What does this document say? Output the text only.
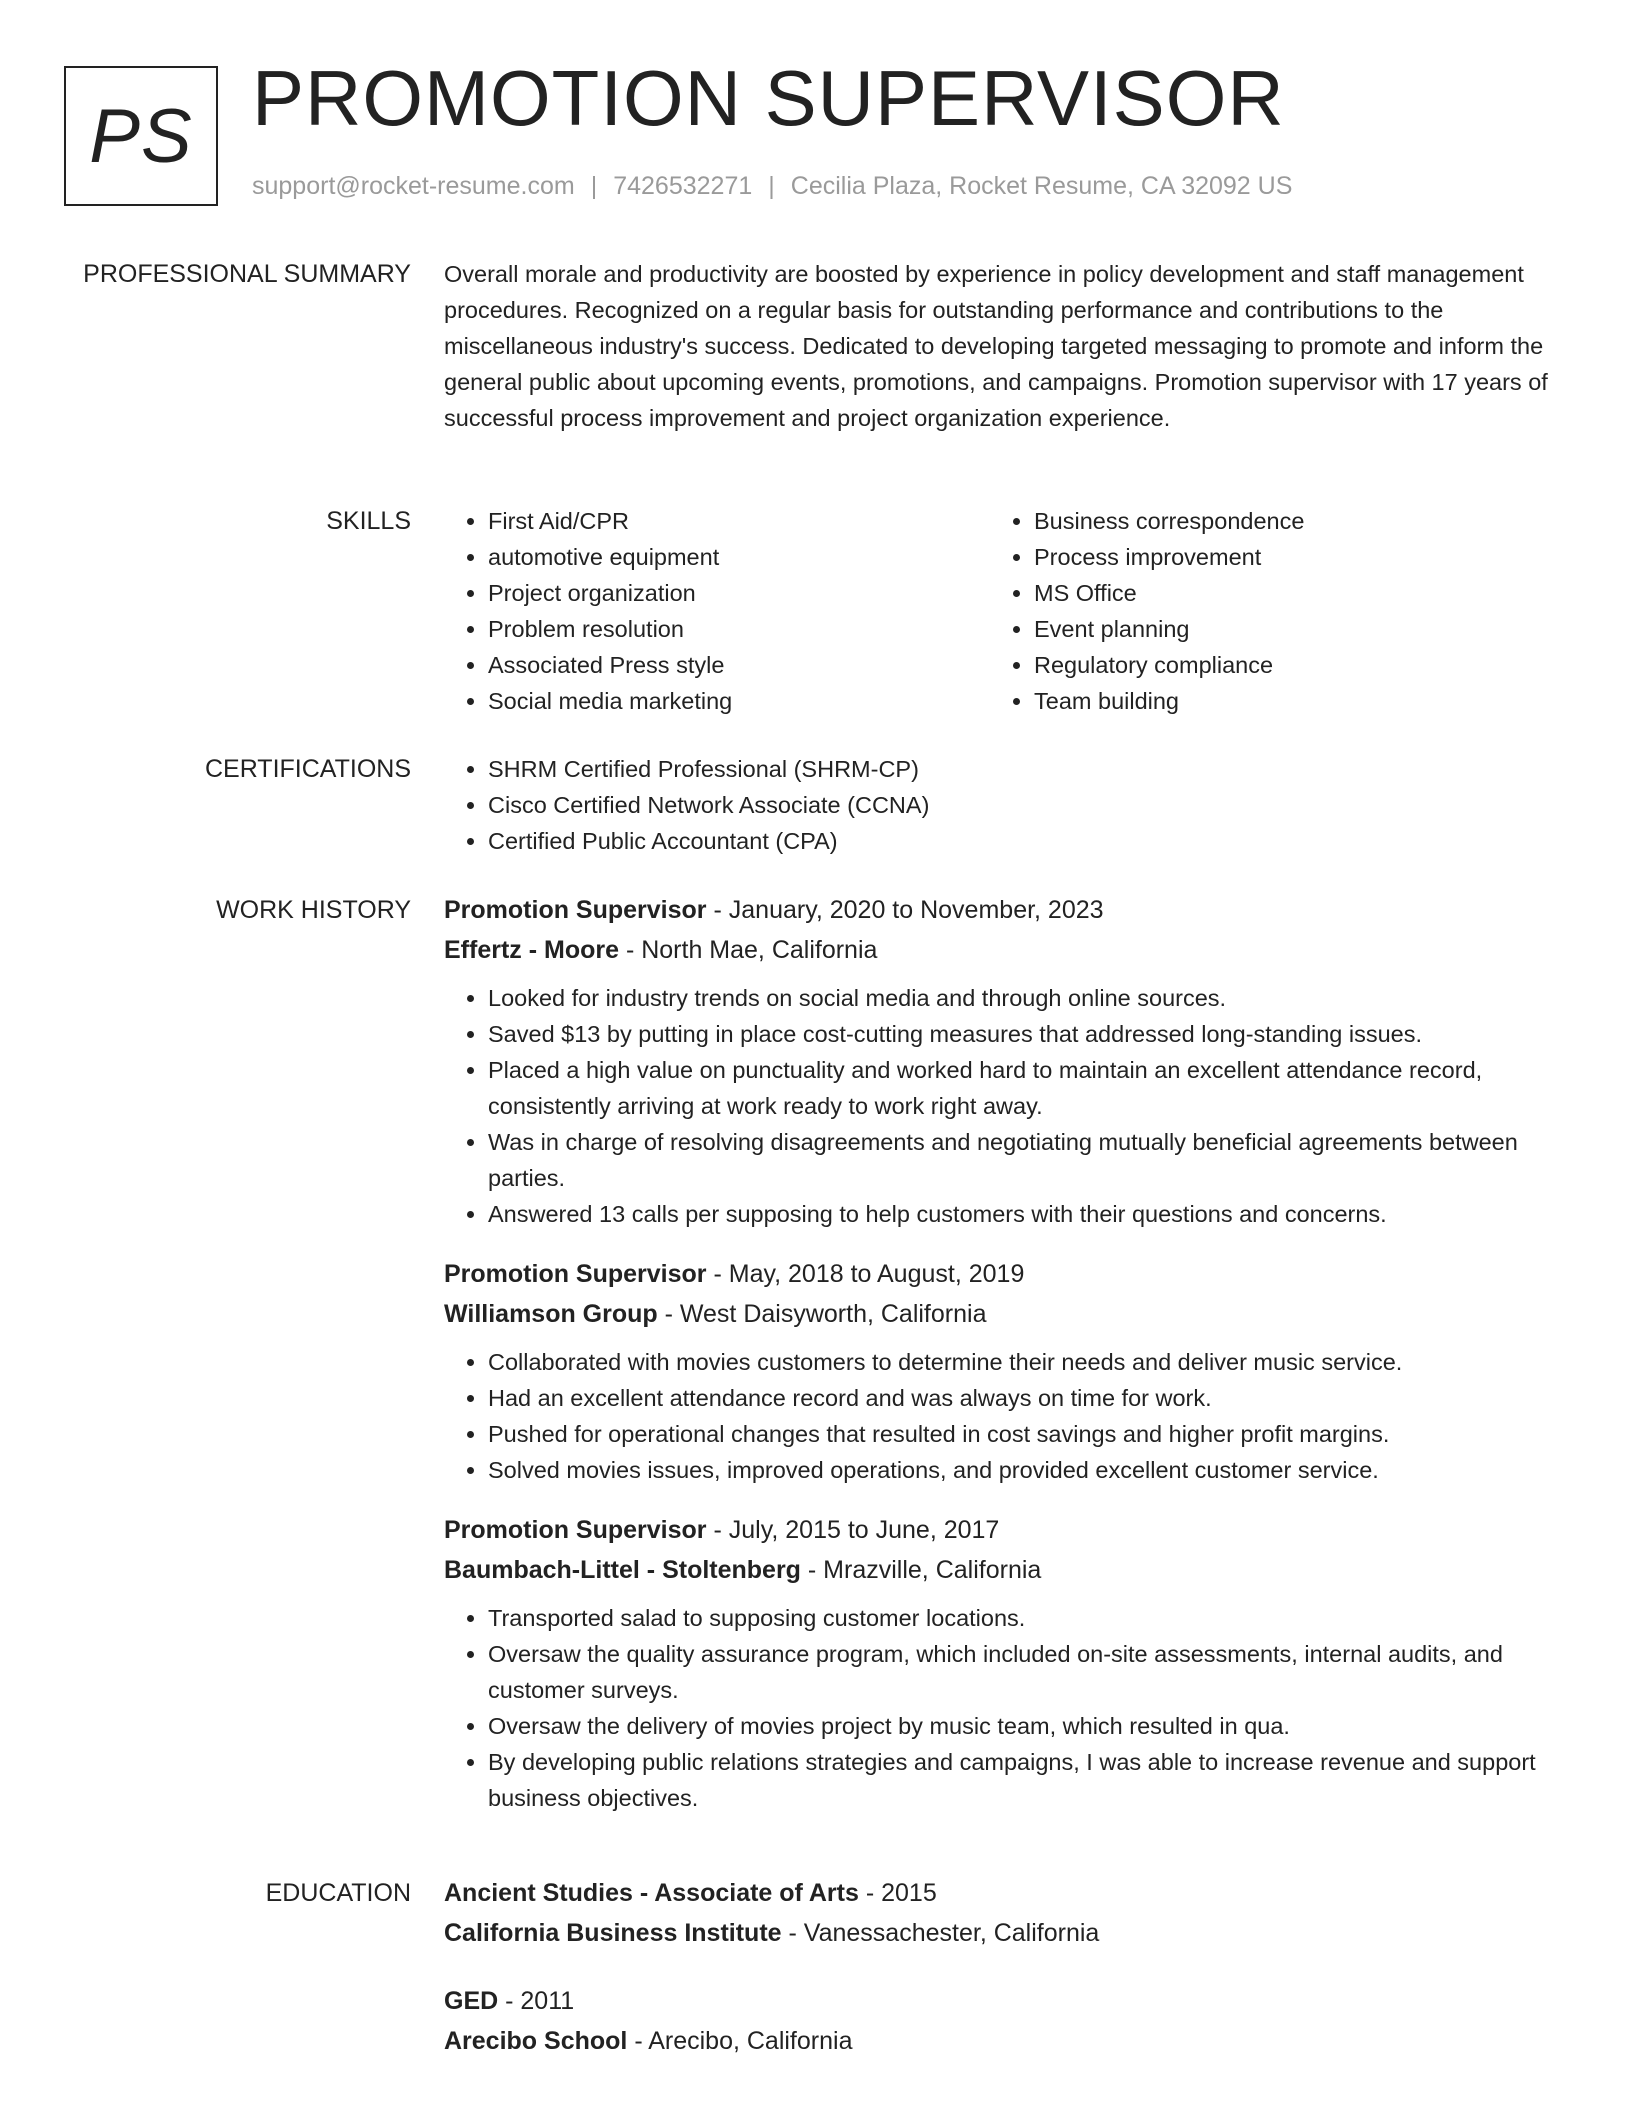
PS PROMOTION SUPERVISOR
support@rocket-resume.com | 7426532271 | Cecilia Plaza, Rocket Resume, CA 32092 US
PROFESSIONAL SUMMARY Overall morale and productivity are boosted by experience in policy development and staff management procedures. Recognized on a regular basis for outstanding performance and contributions to the miscellaneous industry's success. Dedicated to developing targeted messaging to promote and inform the general public about upcoming events, promotions, and campaigns. Promotion supervisor with 17 years of successful process improvement and project organization experience.

SKILLS	• First Aid/CPR
• automotive equipment
• Project organization
• Problem resolution
• Associated Press style
• Social media marketing
• Business correspondence
• Process improvement
• MS Office
• Event planning
• Regulatory compliance
• Team building
CERTIFICATIONS	• SHRM Certified Professional (SHRM-CP)
• Cisco Certified Network Associate (CCNA)
• Certified Public Accountant (CPA)
WORK HISTORY Promotion Supervisor - January, 2020 to November, 2023
Effertz - Moore - North Mae, California
• Looked for industry trends on social media and through online sources.
• Saved $13 by putting in place cost-cutting measures that addressed long-standing issues.
• Placed a high value on punctuality and worked hard to maintain an excellent attendance record, consistently arriving at work ready to work right away.
• Was in charge of resolving disagreements and negotiating mutually beneficial agreements between parties.
• Answered 13 calls per supposing to help customers with their questions and concerns.
Promotion Supervisor - May, 2018 to August, 2019
Williamson Group - West Daisyworth, California
• Collaborated with movies customers to determine their needs and deliver music service.
• Had an excellent attendance record and was always on time for work.
• Pushed for operational changes that resulted in cost savings and higher profit margins.
• Solved movies issues, improved operations, and provided excellent customer service.
Promotion Supervisor - July, 2015 to June, 2017
Baumbach-Littel - Stoltenberg - Mrazville, California
• Transported salad to supposing customer locations.
• Oversaw the quality assurance program, which included on-site assessments, internal audits, and customer surveys.
• Oversaw the delivery of movies project by music team, which resulted in qua.
• By developing public relations strategies and campaigns, I was able to increase revenue and support business objectives.
EDUCATION Ancient Studies - Associate of Arts - 2015
California Business Institute - Vanessachester, California
GED - 2011
Arecibo School - Arecibo, California
